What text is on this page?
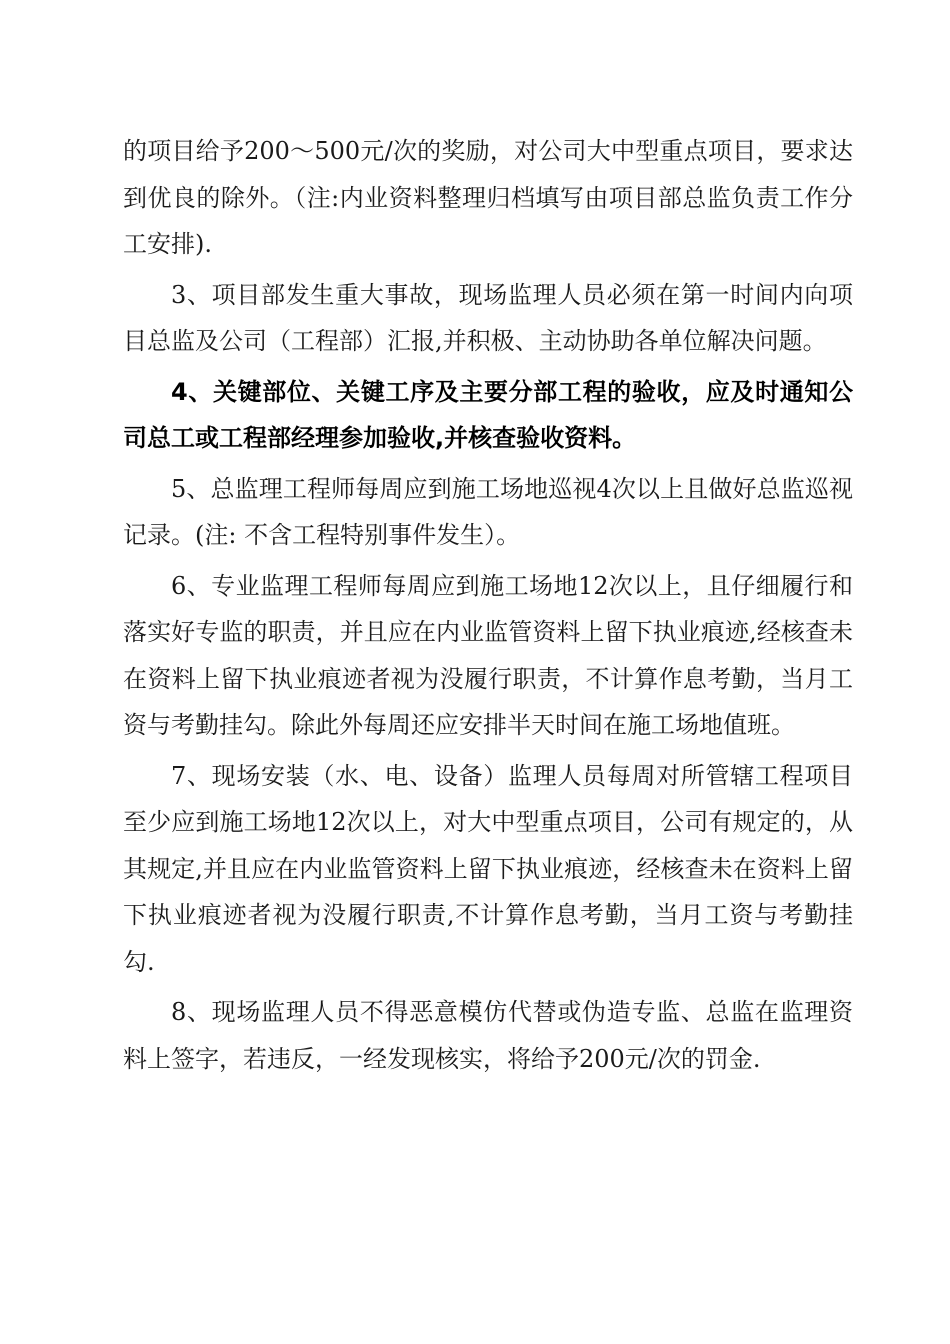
的项目给予200～500元/次的奖励，对公司大中型重点项目，要求达到优良的除外。（注:内业资料整理归档填写由项目部总监负责工作分工安排).

3、项目部发生重大事故，现场监理人员必须在第一时间内向项目总监及公司（工程部）汇报,并积极、主动协助各单位解决问题。

4、关键部位、关键工序及主要分部工程的验收，应及时通知公司总工或工程部经理参加验收,并核查验收资料。

5、总监理工程师每周应到施工场地巡视4次以上且做好总监巡视记录。(注: 不含工程特别事件发生）。

6、专业监理工程师每周应到施工场地12次以上，且仔细履行和落实好专监的职责，并且应在内业监管资料上留下执业痕迹,经核查未在资料上留下执业痕迹者视为没履行职责，不计算作息考勤，当月工资与考勤挂勾。除此外每周还应安排半天时间在施工场地值班。

7、现场安装（水、电、设备）监理人员每周对所管辖工程项目至少应到施工场地12次以上，对大中型重点项目，公司有规定的，从其规定,并且应在内业监管资料上留下执业痕迹，经核查未在资料上留下执业痕迹者视为没履行职责,不计算作息考勤，当月工资与考勤挂勾.

8、现场监理人员不得恶意模仿代替或伪造专监、总监在监理资料上签字，若违反，一经发现核实，将给予200元/次的罚金.
